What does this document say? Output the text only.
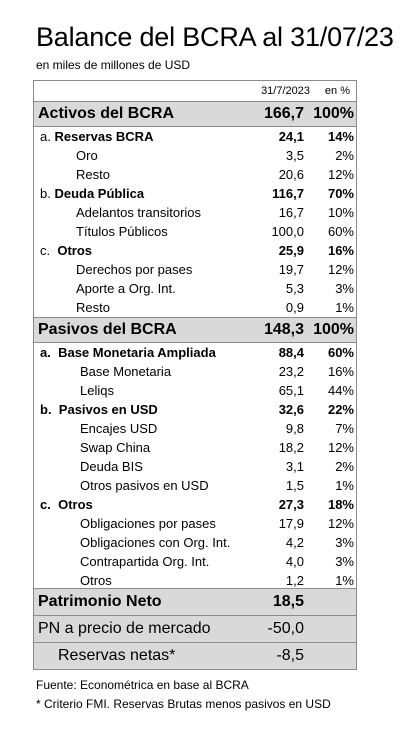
Balance del BCRA al 31/07/23
en miles de millones de USD
31/7/2023 en %
Activos del BCRA	166,7 100%
a. Reservas BCRA	24,1 14%
Oro	3,5 2%
Resto	20,6 12%
b. Deuda Pública	116,7 70%
Adelantos transitorios	16,7 10%
Títulos Públicos	100,0 60%
c. Otros	25,9 16%
Derechos por pases	19,7 12%
Aporte a Org. Int.	5,3 3%
Resto	0,9 1%
Pasivos del BCRA	148,3 100%
a. Base Monetaria Ampliada	88,4 60%
Base Monetaria	23,2 16%
Leliqs	65,1 44%
b. Pasivos en USD	32,6 22%
Encajes USD	9,8 7%
Swap China	18,2 12%
Deuda BIS	3,1 2%
Otros pasivos en USD	1,5 1%
c. Otros	27,3 18%
Obligaciones por pases	17,9 12%
Obligaciones con Org. Int.	4,2 3%
Contrapartida Org. Int.	4,0 3%
Otros	1,2 1%
Patrimonio Neto	18,5
PN a precio de mercado	-50,0
Reservas netas*	-8,5
Fuente: Econométrica en base al BCRA
* Criterio FMI. Reservas Brutas menos pasivos en USD
